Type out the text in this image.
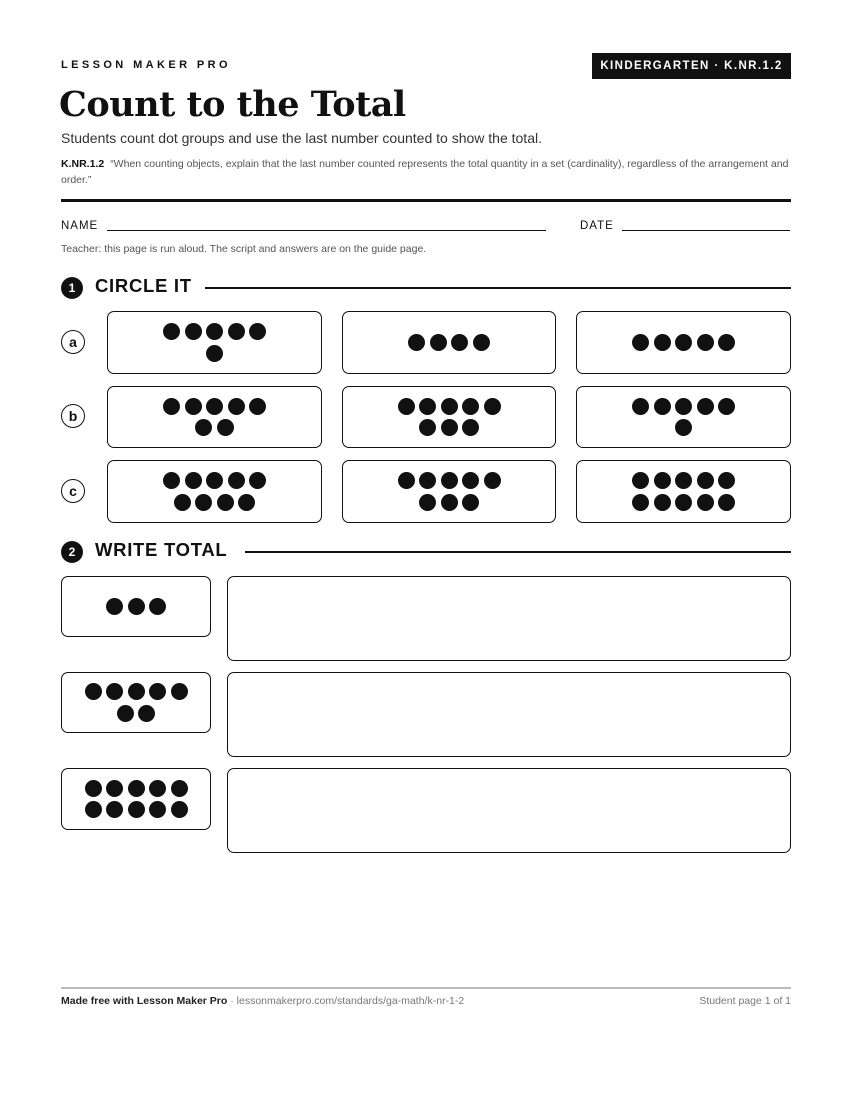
LESSON MAKER PRO	KINDERGARTEN · K.NR.1.2
Count to the Total
Students count dot groups and use the last number counted to show the total.
K.NR.1.2 “When counting objects, explain that the last number counted represents the total quantity in a set (cardinality), regardless of the arrangement and order.”
NAME	DATE
Teacher: this page is run aloud. The script and answers are on the guide page.
1	CIRCLE IT
a
b
c
2	WRITE TOTAL
Made free with Lesson Maker Pro · lessonmakerpro.com/standards/ga-math/k-nr-1-2	Student page 1 of 1
